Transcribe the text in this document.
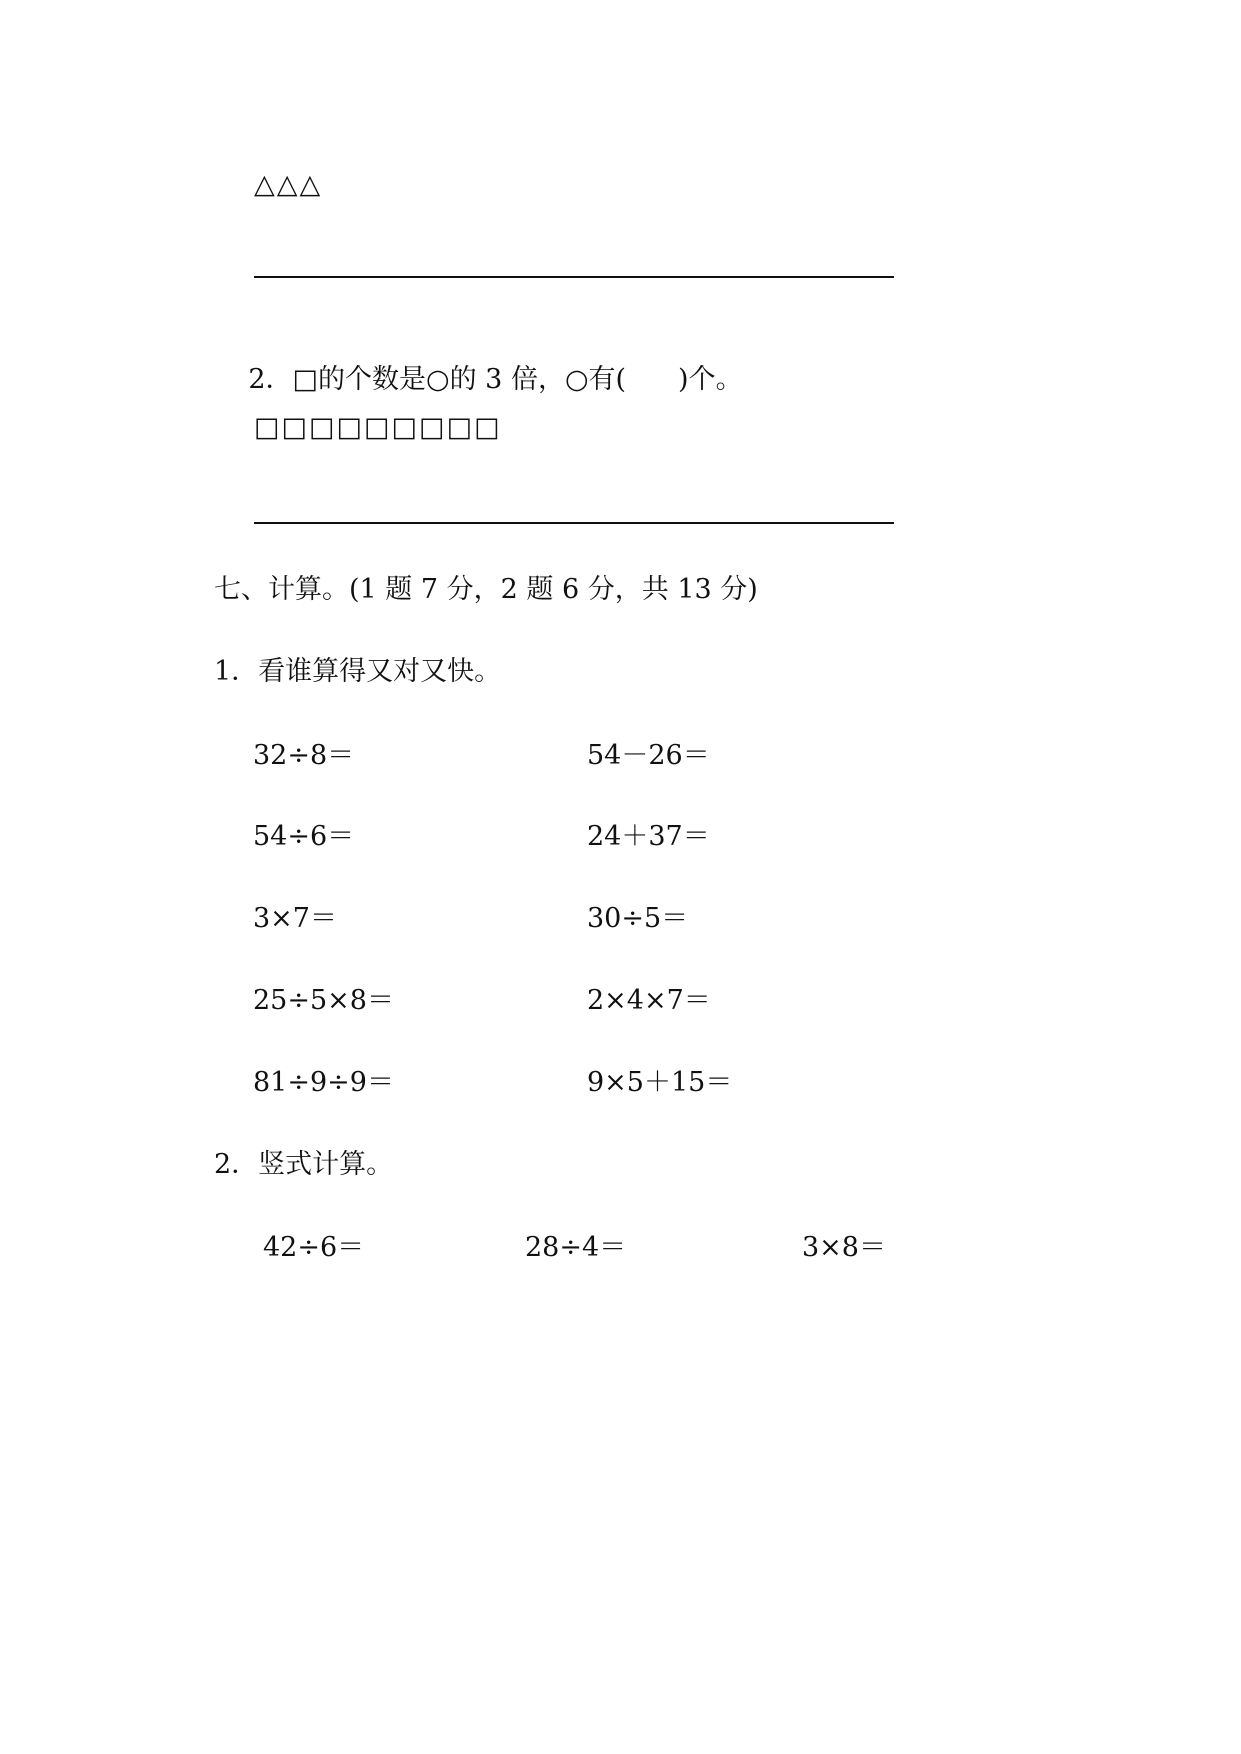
△△△

2．□的个数是○的 3 倍，○有( )个。

□□□□□□□□□
七、计算。(1 题 7 分，2 题 6 分，共 13 分)
1．看谁算得又对又快。
32÷8＝
54÷6＝
3×7＝
25÷5×8＝
81÷9÷9＝
54－26＝
24＋37＝
30÷5＝
2×4×7＝
9×5＋15＝
2．竖式计算。
42÷6＝	28÷4＝	3×8＝
